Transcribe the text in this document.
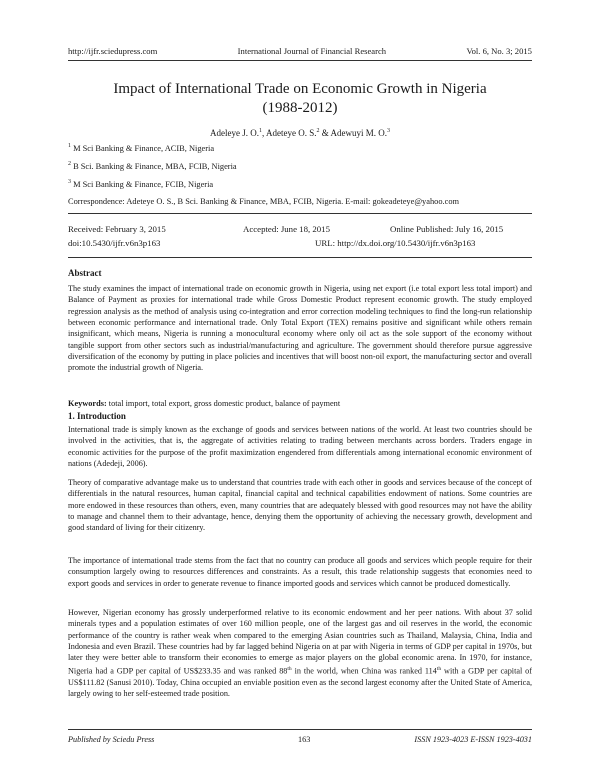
http://ijfr.sciedupress.com	International Journal of Financial Research	Vol. 6, No. 3; 2015
Impact of International Trade on Economic Growth in Nigeria
(1988-2012)
Adeleye J. O.$^1$, Adeteye O. S.$^2$ & Adewuyi M. O.$^3$
$^1$ M Sci Banking & Finance, ACIB, Nigeria
$^2$ B Sci. Banking & Finance, MBA, FCIB, Nigeria
$^3$ M Sci Banking & Finance, FCIB, Nigeria
Correspondence: Adeteye O. S., B Sci. Banking & Finance, MBA, FCIB, Nigeria. E-mail: gokeadeteye@yahoo.com
Received: February 3, 2015	Accepted: June 18, 2015	Online Published: July 16, 2015
doi:10.5430/ijfr.v6n3p163	URL: http://dx.doi.org/10.5430/ijfr.v6n3p163
Abstract

The study examines the impact of international trade on economic growth in Nigeria, using net export (i.e total export less total import) and Balance of Payment as proxies for international trade while Gross Domestic Product represent economic growth. The study employed regression analysis as the method of analysis using co-integration and error correction modeling techniques to find the long-run relationship between economic performance and international trade. Only Total Export (TEX) remains positive and significant while others remain insignificant, which means, Nigeria is running a monocultural economy where only oil act as the sole support of the economy without tangible support from other sectors such as industrial/manufacturing and agriculture. The government should therefore pursue aggressive diversification of the economy by putting in place policies and incentives that will boost non-oil export, the manufacturing sector and overall promote the industrial growth of Nigeria.

Keywords: total import, total export, gross domestic product, balance of payment
1. Introduction

International trade is simply known as the exchange of goods and services between nations of the world. At least two countries should be involved in the activities, that is, the aggregate of activities relating to trading between merchants across borders. Traders engage in economic activities for the purpose of the profit maximization engendered from differentials among international economic environment of nations (Adedeji, 2006).

Theory of comparative advantage make us to understand that countries trade with each other in goods and services because of the concept of differentials in the natural resources, human capital, financial capital and technical capabilities endowment of nations. Some countries are more endowed in these resources than others, even, many countries that are adequately blessed with good resources may not have the ability to manage and channel them to their advantage, hence, denying them the opportunity of achieving the necessary growth, development and good standard of living for their citizenry.

The importance of international trade stems from the fact that no country can produce all goods and services which people require for their consumption largely owing to resources differences and constraints. As a result, this trade relationship suggests that economies need to export goods and services in order to generate revenue to finance imported goods and services which cannot be produced domestically.

However, Nigerian economy has grossly underperformed relative to its economic endowment and her peer nations. With about 37 solid minerals types and a population estimates of over 160 million people, one of the largest gas and oil reserves in the world, the economic performance of the country is rather weak when compared to the emerging Asian countries such as Thailand, Malaysia, China, India and Indonesia and even Brazil. These countries had by far lagged behind Nigeria on at par with Nigeria in terms of GDP per capital in 1970s, but later they were better able to transform their economies to emerge as major players on the global economic arena. In 1970, for instance, Nigeria had a GDP per capital of US$233.35 and was ranked 88th in the world, when China was ranked 114th with a GDP per capital of US$111.82 (Sanusi 2010). Today, China occupied an enviable position even as the second largest economy after the United State of America, largely owing to her self-esteemed trade position.

Published by Sciedu Press	163	ISSN 1923-4023 E-ISSN 1923-4031
